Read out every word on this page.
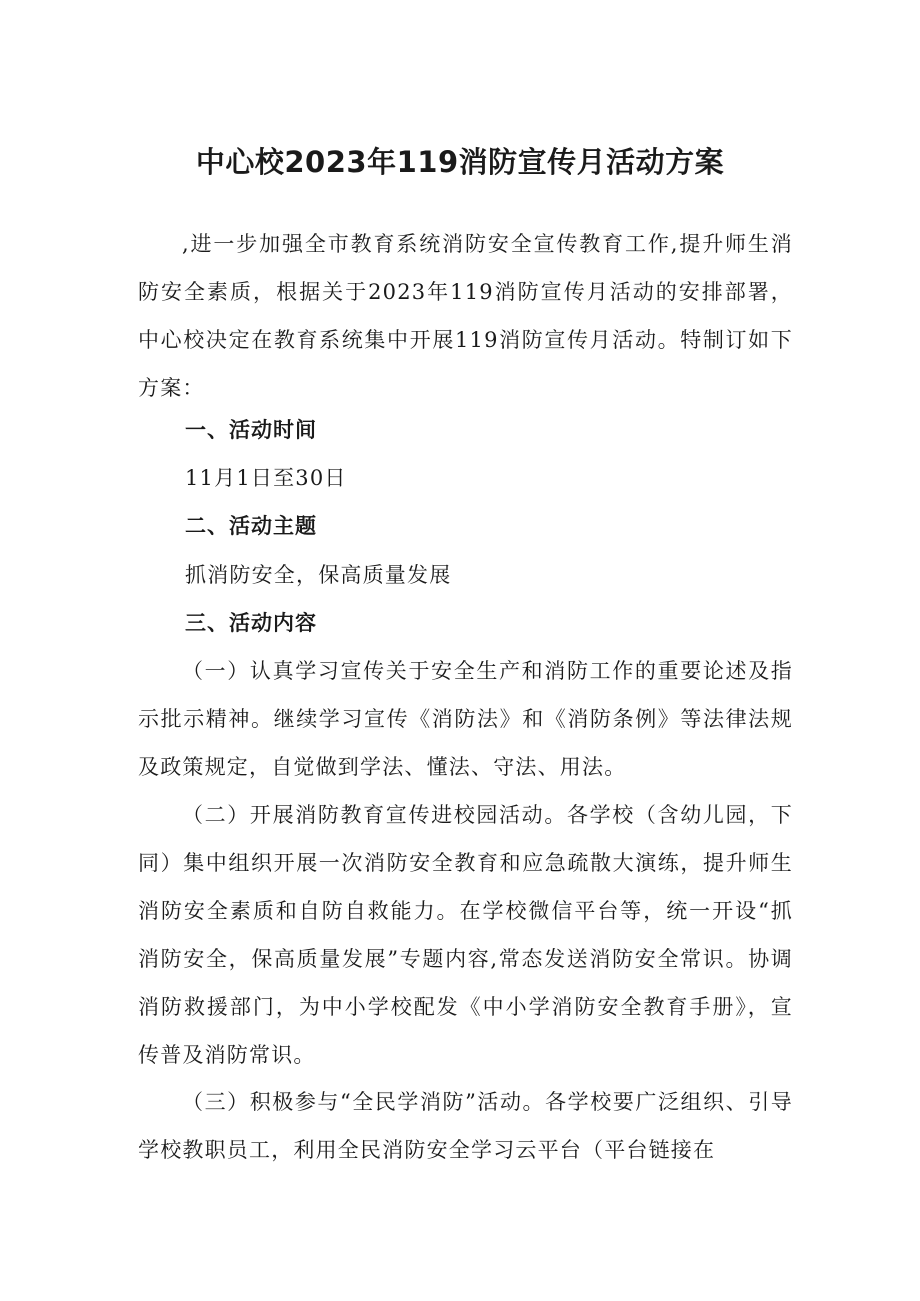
中心校2023年119消防宣传月活动方案

,进一步加强全市教育系统消防安全宣传教育工作,提升师生消防安全素质，根据关于2023年119消防宣传月活动的安排部署，中心校决定在教育系统集中开展119消防宣传月活动。特制订如下方案：

一、活动时间

11月1日至30日

二、活动主题

抓消防安全，保高质量发展

三、活动内容

（一）认真学习宣传关于安全生产和消防工作的重要论述及指示批示精神。继续学习宣传《消防法》和《消防条例》等法律法规及政策规定，自觉做到学法、懂法、守法、用法。

（二）开展消防教育宣传进校园活动。各学校（含幼儿园，下同）集中组织开展一次消防安全教育和应急疏散大演练，提升师生消防安全素质和自防自救能力。在学校微信平台等，统一开设“抓消防安全，保高质量发展”专题内容,常态发送消防安全常识。协调消防救援部门，为中小学校配发《中小学消防安全教育手册》，宣传普及消防常识。

（三）积极参与“全民学消防”活动。各学校要广泛组织、引导学校教职员工，利用全民消防安全学习云平台（平台链接在
